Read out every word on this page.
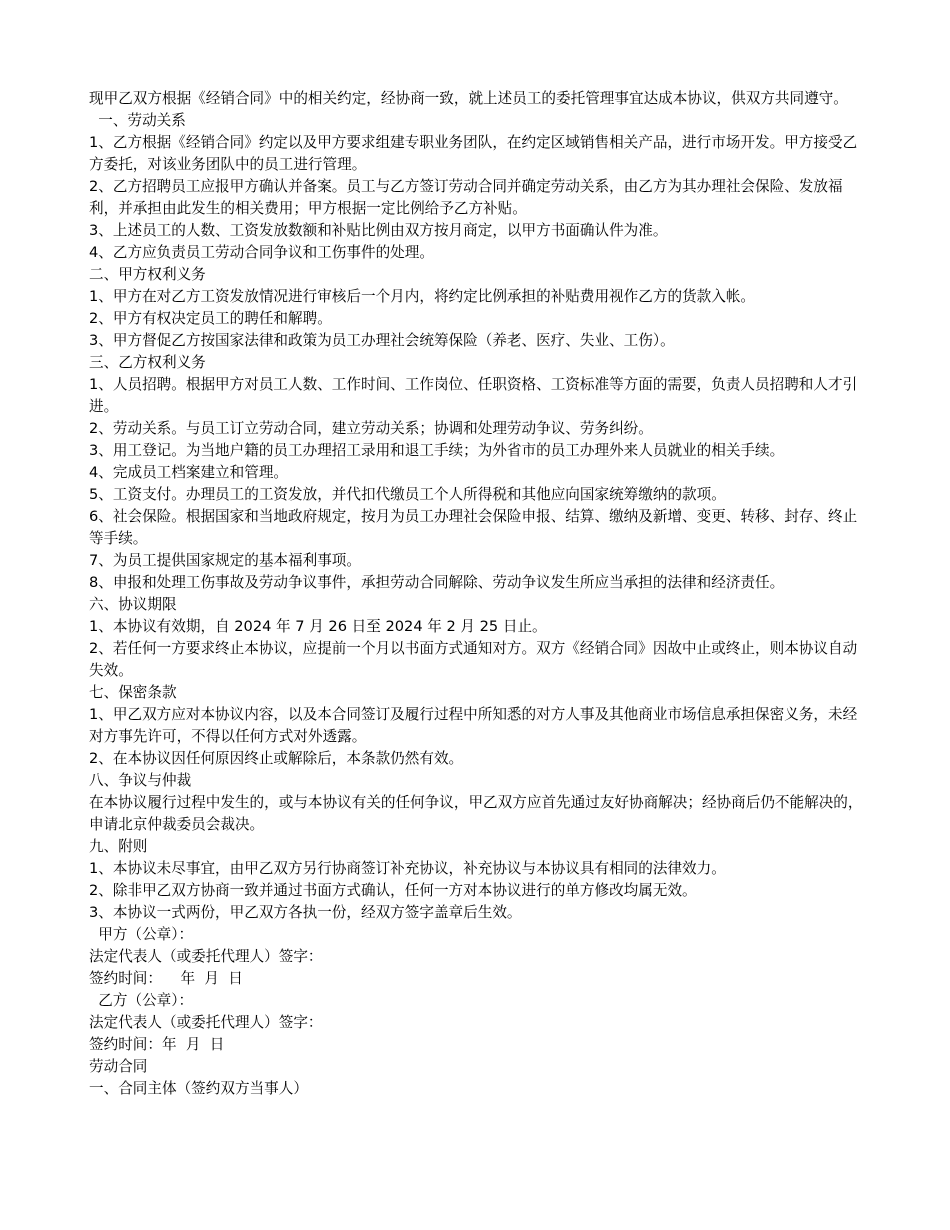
现甲乙双方根据《经销合同》中的相关约定，经协商一致，就上述员工的委托管理事宜达成本协议，供双方共同遵守。

一、劳动关系

1、乙方根据《经销合同》约定以及甲方要求组建专职业务团队，在约定区域销售相关产品，进行市场开发。甲方接受乙方委托，对该业务团队中的员工进行管理。

2、乙方招聘员工应报甲方确认并备案。员工与乙方签订劳动合同并确定劳动关系，由乙方为其办理社会保险、发放福利，并承担由此发生的相关费用；甲方根据一定比例给予乙方补贴。

3、上述员工的人数、工资发放数额和补贴比例由双方按月商定，以甲方书面确认件为准。

4、乙方应负责员工劳动合同争议和工伤事件的处理。

二、甲方权利义务

1、甲方在对乙方工资发放情况进行审核后一个月内，将约定比例承担的补贴费用视作乙方的货款入帐。

2、甲方有权决定员工的聘任和解聘。

3、甲方督促乙方按国家法律和政策为员工办理社会统筹保险（养老、医疗、失业、工伤）。

三、乙方权利义务

1、人员招聘。根据甲方对员工人数、工作时间、工作岗位、任职资格、工资标准等方面的需要，负责人员招聘和人才引进。

2、劳动关系。与员工订立劳动合同，建立劳动关系；协调和处理劳动争议、劳务纠纷。

3、用工登记。为当地户籍的员工办理招工录用和退工手续；为外省市的员工办理外来人员就业的相关手续。

4、完成员工档案建立和管理。

5、工资支付。办理员工的工资发放，并代扣代缴员工个人所得税和其他应向国家统筹缴纳的款项。

6、社会保险。根据国家和当地政府规定，按月为员工办理社会保险申报、结算、缴纳及新增、变更、转移、封存、终止等手续。

7、为员工提供国家规定的基本福利事项。

8、申报和处理工伤事故及劳动争议事件，承担劳动合同解除、劳动争议发生所应当承担的法律和经济责任。

六、协议期限

1、本协议有效期，自 2024 年 7 月 26 日至 2024 年 2 月 25 日止。

2、若任何一方要求终止本协议，应提前一个月以书面方式通知对方。双方《经销合同》因故中止或终止，则本协议自动失效。

七、保密条款

1、甲乙双方应对本协议内容，以及本合同签订及履行过程中所知悉的对方人事及其他商业市场信息承担保密义务，未经对方事先许可，不得以任何方式对外透露。

2、在本协议因任何原因终止或解除后，本条款仍然有效。

八、争议与仲裁

在本协议履行过程中发生的，或与本协议有关的任何争议，甲乙双方应首先通过友好协商解决；经协商后仍不能解决的，申请北京仲裁委员会裁决。

九、附则

1、本协议未尽事宜，由甲乙双方另行协商签订补充协议，补充协议与本协议具有相同的法律效力。

2、除非甲乙双方协商一致并通过书面方式确认，任何一方对本协议进行的单方修改均属无效。

3、本协议一式两份，甲乙双方各执一份，经双方签字盖章后生效。

甲方（公章）：

法定代表人（或委托代理人）签字：

签约时间：    年  月  日

乙方（公章）：

法定代表人（或委托代理人）签字：

签约时间：年  月  日

劳动合同

一、合同主体（签约双方当事人）
